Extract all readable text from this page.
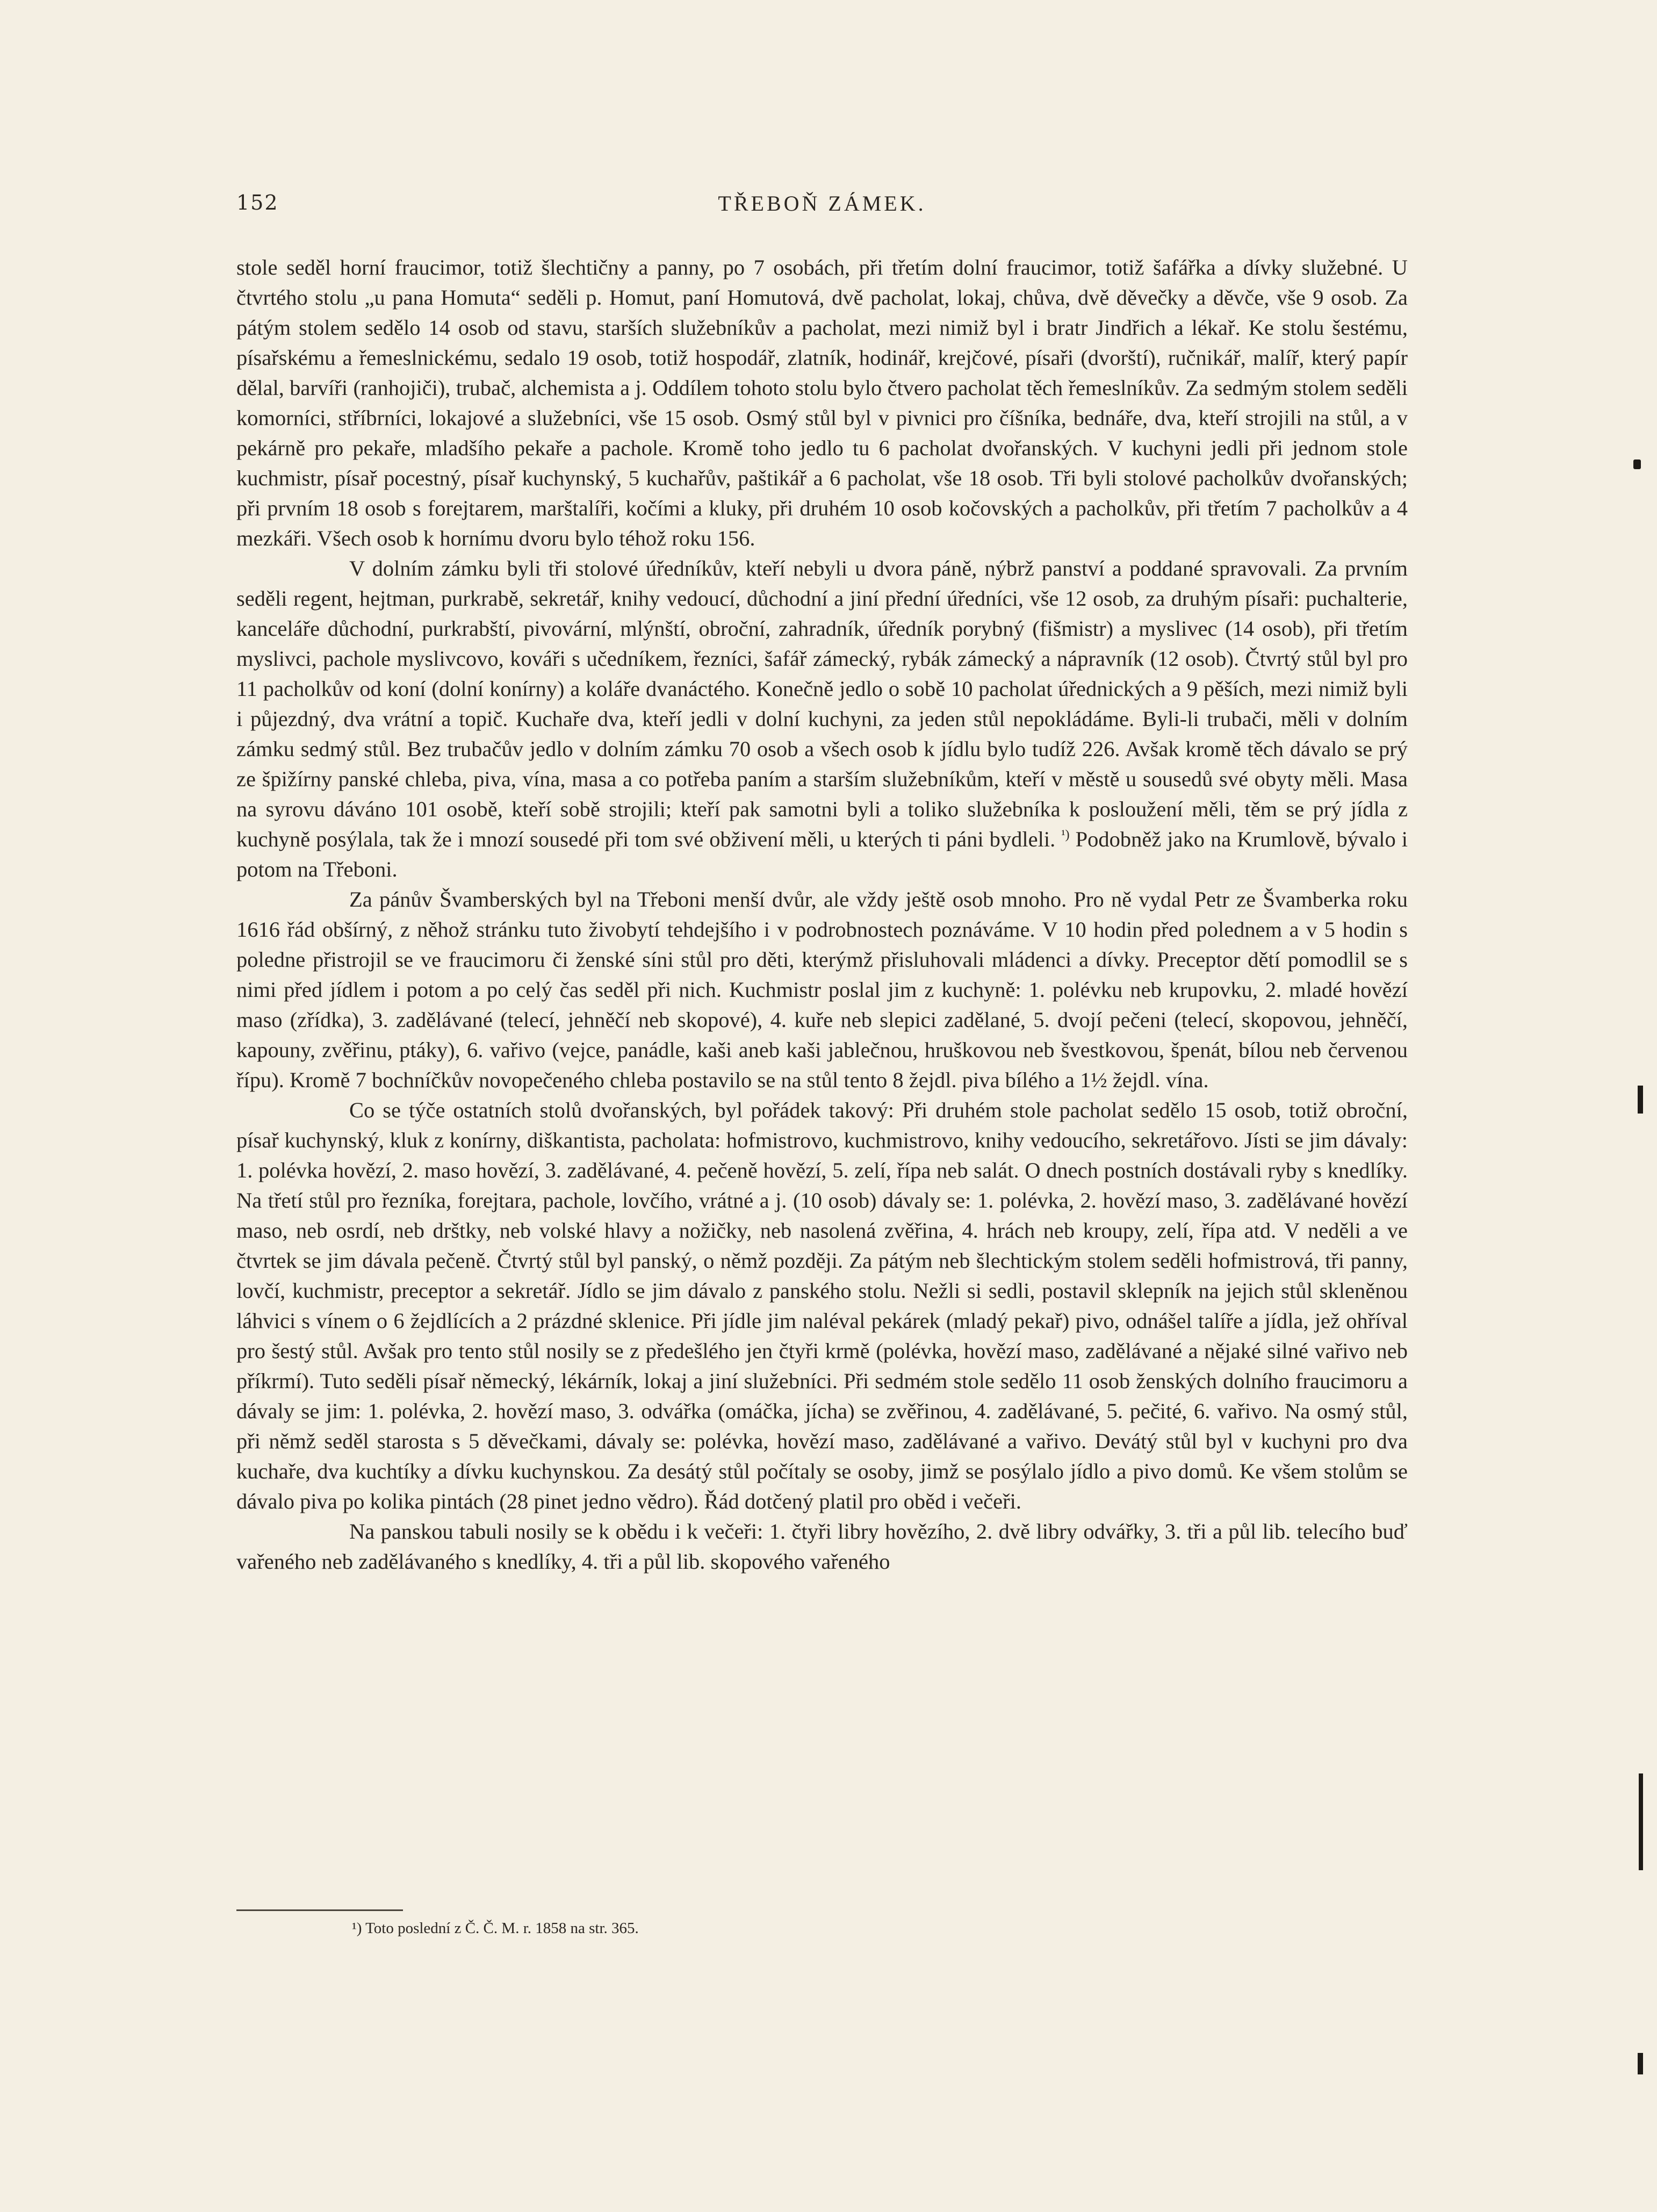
152	TŘEBOŇ ZÁMEK.

stole seděl horní fraucimor, totiž šlechtičny a panny, po 7 osobách, při třetím dolní fraucimor, totiž šafářka a dívky služebné. U čtvrtého stolu „u pana Homuta“ seděli p. Homut, paní Homutová, dvě pacholat, lokaj, chůva, dvě děvečky a děvče, vše 9 osob. Za pátým stolem sedělo 14 osob od stavu, starších služebníkův a pacholat, mezi nimiž byl i bratr Jindřich a lékař. Ke stolu šestému, písařskému a řemeslnickému, sedalo 19 osob, totiž hospodář, zlatník, hodinář, krejčové, písaři (dvorští), ručnikář, malíř, který papír dělal, barvíři (ranhojiči), trubač, alchemista a j. Oddílem tohoto stolu bylo čtvero pacholat těch řemeslníkův. Za sedmým stolem seděli komorníci, stříbrníci, lokajové a služebníci, vše 15 osob. Osmý stůl byl v pivnici pro číšníka, bednáře, dva, kteří strojili na stůl, a v pekárně pro pekaře, mladšího pekaře a pachole. Kromě toho jedlo tu 6 pacholat dvořanských. V kuchyni jedli při jednom stole kuchmistr, písař pocestný, písař kuchynský, 5 kuchařův, paštikář a 6 pacholat, vše 18 osob. Tři byli stolové pacholkův dvořanských; při prvním 18 osob s forejtarem, marštalíři, kočími a kluky, při druhém 10 osob kočovských a pacholkův, při třetím 7 pacholkův a 4 mezkáři. Všech osob k hornímu dvoru bylo téhož roku 156.

V dolním zámku byli tři stolové úředníkův, kteří nebyli u dvora páně, nýbrž panství a poddané spravovali. Za prvním seděli regent, hejtman, purkrabě, sekretář, knihy vedoucí, důchodní a jiní přední úředníci, vše 12 osob, za druhým písaři: puchalterie, kanceláře důchodní, purkrabští, pivovární, mlýnští, obroční, zahradník, úředník porybný (fišmistr) a myslivec (14 osob), při třetím myslivci, pachole myslivcovo, kováři s učedníkem, řezníci, šafář zámecký, rybák zámecký a nápravník (12 osob). Čtvrtý stůl byl pro 11 pacholkův od koní (dolní konírny) a koláře dvanáctého. Konečně jedlo o sobě 10 pacholat úřednických a 9 pěších, mezi nimiž byli i půjezdný, dva vrátní a topič. Kuchaře dva, kteří jedli v dolní kuchyni, za jeden stůl nepokládáme. Byli-li trubači, měli v dolním zámku sedmý stůl. Bez trubačův jedlo v dolním zámku 70 osob a všech osob k jídlu bylo tudíž 226. Avšak kromě těch dávalo se prý ze špižírny panské chleba, piva, vína, masa a co potřeba paním a starším služebníkům, kteří v městě u sousedů své obyty měli. Masa na syrovu dáváno 101 osobě, kteří sobě strojili; kteří pak samotni byli a toliko služebníka k posloužení měli, těm se prý jídla z kuchyně posýlala, tak že i mnozí sousedé při tom své obživení měli, u kterých ti páni bydleli. $^{^1)}$ Podobněž jako na Krumlově, bývalo i potom na Třeboni.

Za pánův Švamberských byl na Třeboni menší dvůr, ale vždy ještě osob mnoho. Pro ně vydal Petr ze Švamberka roku 1616 řád obšírný, z něhož stránku tuto živobytí tehdejšího i v podrobnostech poznáváme. V 10 hodin před polednem a v 5 hodin s poledne přistrojil se ve fraucimoru či ženské síni stůl pro děti, kterýmž přisluhovali mládenci a dívky. Preceptor dětí pomodlil se s nimi před jídlem i potom a po celý čas seděl při nich. Kuchmistr poslal jim z kuchyně: 1. polévku neb krupovku, 2. mladé hovězí maso (zřídka), 3. zadělávané (telecí, jehněčí neb skopové), 4. kuře neb slepici zadělané, 5. dvojí pečeni (telecí, skopovou, jehněčí, kapouny, zvěřinu, ptáky), 6. vařivo (vejce, panádle, kaši aneb kaši jablečnou, hruškovou neb švestkovou, špenát, bílou neb červenou řípu). Kromě 7 bochníčkův novopečeného chleba postavilo se na stůl tento 8 žejdl. piva bílého a 1½ žejdl. vína.

Co se týče ostatních stolů dvořanských, byl pořádek takový: Při druhém stole pacholat sedělo 15 osob, totiž obroční, písař kuchynský, kluk z konírny, diškantista, pacholata: hofmistrovo, kuchmistrovo, knihy vedoucího, sekretářovo. Jísti se jim dávaly: 1. polévka hovězí, 2. maso hovězí, 3. zadělávané, 4. pečeně hovězí, 5. zelí, řípa neb salát. O dnech postních dostávali ryby s knedlíky. Na třetí stůl pro řezníka, forejtara, pachole, lovčího, vrátné a j. (10 osob) dávaly se: 1. polévka, 2. hovězí maso, 3. zadělávané hovězí maso, neb osrdí, neb drštky, neb volské hlavy a nožičky, neb nasolená zvěřina, 4. hrách neb kroupy, zelí, řípa atd. V neděli a ve čtvrtek se jim dávala pečeně. Čtvrtý stůl byl panský, o němž později. Za pátým neb šlechtickým stolem seděli hofmistrová, tři panny, lovčí, kuchmistr, preceptor a sekretář. Jídlo se jim dávalo z panského stolu. Nežli si sedli, postavil sklepník na jejich stůl skleněnou láhvici s vínem o 6 žejdlících a 2 prázdné sklenice. Při jídle jim naléval pekárek (mladý pekař) pivo, odnášel talíře a jídla, jež ohříval pro šestý stůl. Avšak pro tento stůl nosily se z předešlého jen čtyři krmě (polévka, hovězí maso, zadělávané a nějaké silné vařivo neb příkrmí). Tuto seděli písař německý, lékárník, lokaj a jiní služebníci. Při sedmém stole sedělo 11 osob ženských dolního fraucimoru a dávaly se jim: 1. polévka, 2. hovězí maso, 3. odvářka (omáčka, jícha) se zvěřinou, 4. zadělávané, 5. pečité, 6. vařivo. Na osmý stůl, při němž seděl starosta s 5 děvečkami, dávaly se: polévka, hovězí maso, zadělávané a vařivo. Devátý stůl byl v kuchyni pro dva kuchaře, dva kuchtíky a dívku kuchynskou. Za desátý stůl počítaly se osoby, jimž se posýlalo jídlo a pivo domů. Ke všem stolům se dávalo piva po kolika pintách (28 pinet jedno vědro). Řád dotčený platil pro oběd i večeři.

Na panskou tabuli nosily se k obědu i k večeři: 1. čtyři libry hovězího, 2. dvě libry odvářky, 3. tři a půl lib. telecího buď vařeného neb zadělávaného s knedlíky, 4. tři a půl lib. skopového vařeného

¹) Toto poslední z Č. Č. M. r. 1858 na str. 365.
